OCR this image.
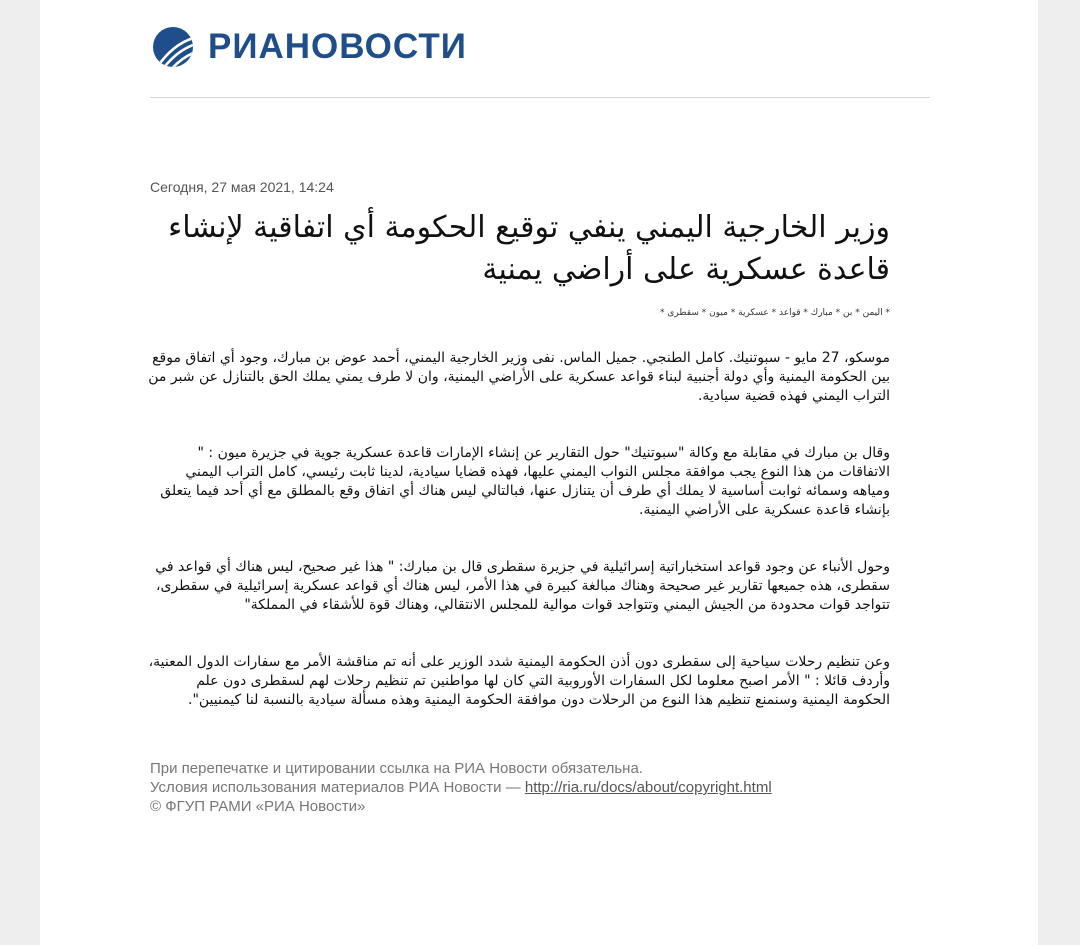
РИАНОВОСТИ
Сегодня, 27 мая 2021, 14:24
وزير الخارجية اليمني ينفي توقيع الحكومة أي اتفاقية لإنشاء قاعدة عسكرية على أراضي يمنية
* اليمن * بن * مبارك * قواعد * عسكرية * ميون * سقطرى *

موسكو، 27 مايو - سبوتنيك. كامل الطنجي. جميل الماس. نفى وزير الخارجية اليمني، أحمد عوض بن مبارك، وجود أي اتفاق موقع بين الحكومة اليمنية وأي دولة أجنبية لبناء قواعد عسكرية على الأراضي اليمنية، وان لا طرف يمني يملك الحق بالتنازل عن شبر من التراب اليمني فهذه قضية سيادية.

وقال بن مبارك في مقابلة مع وكالة "سبوتنيك" حول التقارير عن إنشاء الإمارات قاعدة عسكرية جوية في جزيرة ميون : " الاتفاقات من هذا النوع يجب موافقة مجلس النواب اليمني عليها، فهذه قضايا سيادية، لدينا ثابت رئيسي، كامل التراب اليمني ومياهه وسمائه ثوابت أساسية لا يملك أي طرف أن يتنازل عنها، فبالتالي ليس هناك أي اتفاق وقع بالمطلق مع أي أحد فيما يتعلق بإنشاء قاعدة عسكرية على الأراضي اليمنية.

وحول الأنباء عن وجود قواعد استخباراتية إسرائيلية في جزيرة سقطرى قال بن مبارك: " هذا غير صحيح، ليس هناك أي قواعد في سقطرى، هذه جميعها تقارير غير صحيحة وهناك مبالغة كبيرة في هذا الأمر، ليس هناك أي قواعد عسكرية إسرائيلية في سقطرى، تتواجد قوات محدودة من الجيش اليمني وتتواجد قوات موالية للمجلس الانتقالي، وهناك قوة للأشقاء في المملكة"

وعن تنظيم رحلات سياحية إلى سقطرى دون أذن الحكومة اليمنية شدد الوزير على أنه تم مناقشة الأمر مع سفارات الدول المعنية، وأردف قائلا : " الأمر اصبح معلوما لكل السفارات الأوروبية التي كان لها مواطنين تم تنظيم رحلات لهم لسقطرى دون علم الحكومة اليمنية وسنمنع تنظيم هذا النوع من الرحلات دون موافقة الحكومة اليمنية وهذه مسألة سيادية بالنسبة لنا كيمنيين".

При перепечатке и цитировании ссылка на РИА Новости обязательна.
Условия использования материалов РИА Новости — http://ria.ru/docs/about/copyright.html
© ФГУП РАМИ «РИА Новости»
